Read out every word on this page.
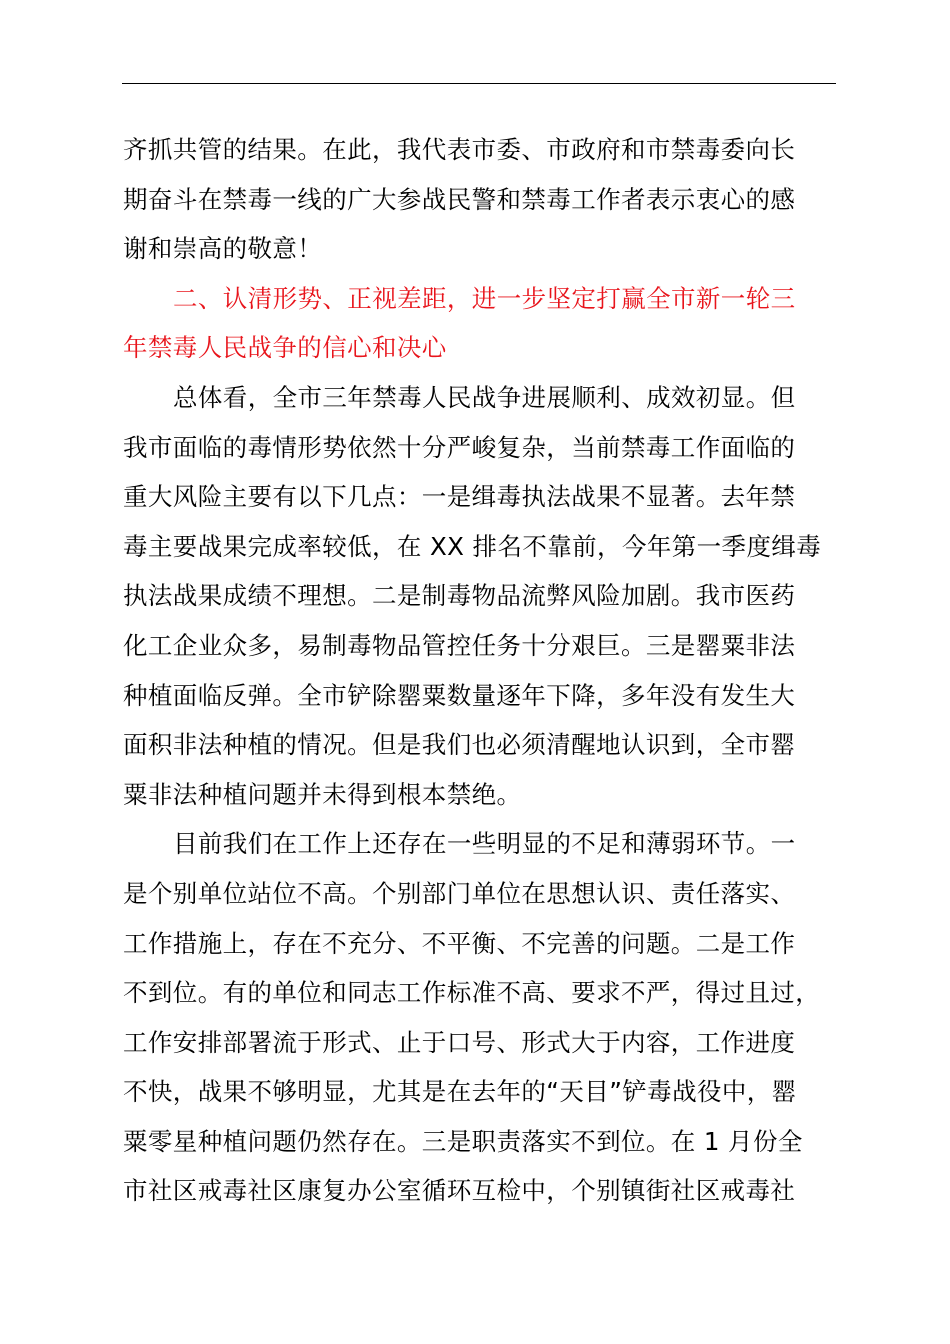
齐抓共管的结果。在此，我代表市委、市政府和市禁毒委向长
期奋斗在禁毒一线的广大参战民警和禁毒工作者表示衷心的感
谢和崇高的敬意！
二、认清形势、正视差距，进一步坚定打赢全市新一轮三
年禁毒人民战争的信心和决心
总体看，全市三年禁毒人民战争进展顺利、成效初显。但
我市面临的毒情形势依然十分严峻复杂，当前禁毒工作面临的
重大风险主要有以下几点：一是缉毒执法战果不显著。去年禁
毒主要战果完成率较低，在 XX 排名不靠前，今年第一季度缉毒
执法战果成绩不理想。二是制毒物品流弊风险加剧。我市医药
化工企业众多，易制毒物品管控任务十分艰巨。三是罂粟非法
种植面临反弹。全市铲除罂粟数量逐年下降，多年没有发生大
面积非法种植的情况。但是我们也必须清醒地认识到，全市罂
粟非法种植问题并未得到根本禁绝。
目前我们在工作上还存在一些明显的不足和薄弱环节。一
是个别单位站位不高。个别部门单位在思想认识、责任落实、
工作措施上，存在不充分、不平衡、不完善的问题。二是工作
不到位。有的单位和同志工作标准不高、要求不严，得过且过，
工作安排部署流于形式、止于口号、形式大于内容，工作进度
不快，战果不够明显，尤其是在去年的“天目”铲毒战役中，罂
粟零星种植问题仍然存在。三是职责落实不到位。在 1 月份全
市社区戒毒社区康复办公室循环互检中，个别镇街社区戒毒社
